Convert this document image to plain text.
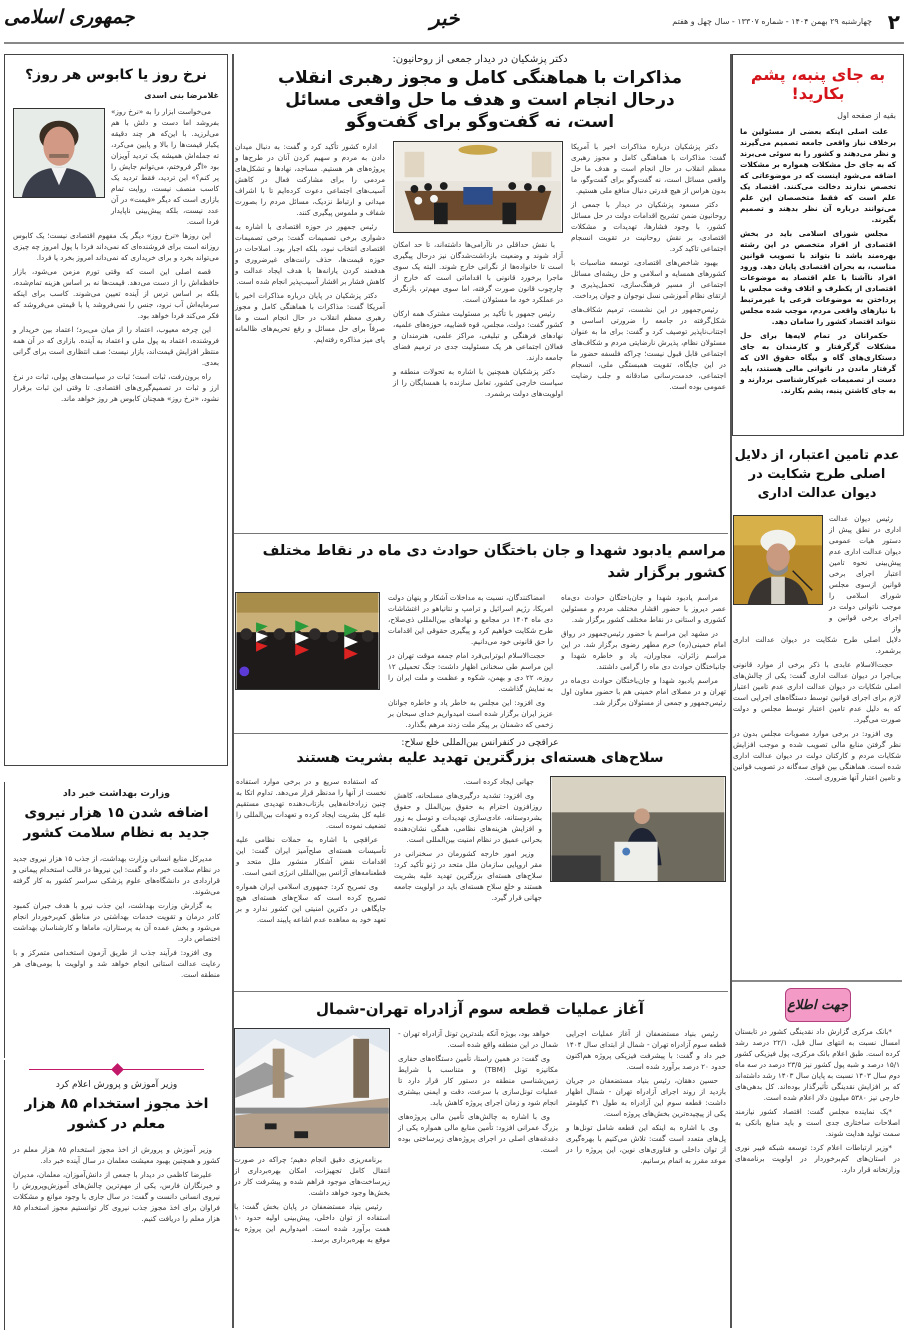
۲
چهارشنبه ۲۹ بهمن ۱۴۰۴ - شماره ۱۳۳۰۷ - سال چهل و هفتم
خبر
جمهوری اسلامی
به جای پنبه، پشم بکارید!
بقیه از صفحه اول

علت اصلی اینکه بعضی از مسئولین ما برخلاف نیاز واقعی جامعه تصمیم می‌گیرند و نظر می‌دهند و کشور را به سوئی می‌برند که به جای حل مشکلات همواره بر مشکلات اضافه می‌شود اینست که در موضوعاتی که تخصص ندارند دخالت می‌کنند. اقتصاد یک علم است که فقط متخصصان این علم می‌توانند درباره آن نظر بدهند و تصمیم بگیرند.

مجلس شورای اسلامی باید در بخش اقتصادی از افراد متخصص در این رشته بهره‌مند باشد تا بتواند با تصویب قوانین مناسب، به بحران اقتصادی پایان دهد. ورود افراد ناآشنا با علم اقتصاد به موضوعات اقتصادی از یکطرف و اتلاف وقت مجلس با پرداختن به موضوعات فرعی یا غیرمرتبط با نیازهای واقعی مردم، موجب شده مجلس نتواند اقتصاد کشور را سامان دهد.

حکمرانان در تمام لایه‌ها برای حل مشکلات گرگرفتار و کارمندان به جای دستکاری‌های گاه و بیگاه حقوق الان که گرفتار ماندن در ناتوانی مالی هستند، باید دست از تصمیمات غیرکارشناسی بردارند و به جای کاشتن پنبه، پشم بکارند.

عدم تامین اعتبار، از دلایل اصلی طرح شکایت در دیوان عدالت اداری
رئیس دیوان عدالت اداری در نطق پیش از دستور هیات عمومی دیوان عدالت اداری عدم پیش‌بینی نحوه تامین اعتبار اجرای برخی قوانین ازسوی مجلس شورای اسلامی را موجب ناتوانی دولت در اجرای برخی قوانین و واز

دلایل اصلی طرح شکایت در دیوان عدالت اداری برشمرد.

حجت‌الاسلام عابدی با ذکر برخی از موارد قانونی بی‌اجرا در دیوان عدالت اداری گفت: یکی از چالش‌های اصلی شکایات در دیوان عدالت اداری عدم تامین اعتبار لازم برای اجرای قوانین توسط دستگاه‌های اجرایی است که به دلیل عدم تامین اعتبار توسط مجلس و دولت صورت می‌گیرد.

وی افزود: در برخی موارد مصوبات مجلس بدون در نظر گرفتن منابع مالی تصویب شده و موجب افزایش شکایات مردم و کارکنان دولت در دیوان عدالت اداری شده است. هماهنگی بین قوای سه‌گانه در تصویب قوانین و تامین اعتبار آنها ضروری است.

جهت اطلاع

*بانک مرکزی گزارش داد نقدینگی کشور در تابستان امسال نسبت به انتهای سال قبل، ۲۲/۱ درصد رشد کرده است. طبق اعلام بانک مرکزی، پول فیزیکی کشور ۱۵/۱ درصد و شبه پول کشور نیز ۲۳/۵ درصد در سه ماه دوم سال ۱۴۰۳ نسبت به پایان سال ۱۴۰۳ رشد داشته‌اند که بر افزایش نقدینگی تأثیرگذار بوده‌اند. کل بدهی‌های خارجی نیز ۵۳۸۰ میلیون دلار اعلام شده است.

*یک نماینده مجلس گفت: اقتصاد کشور نیازمند اصلاحات ساختاری جدی است و باید منابع بانکی به سمت تولید هدایت شوند.

*وزیر ارتباطات اعلام کرد: توسعه شبکه فیبر نوری در استان‌های کم‌برخوردار در اولویت برنامه‌های وزارتخانه قرار دارد.

دکتر پزشکیان در دیدار جمعی از روحانیون:
مذاکرات با هماهنگی کامل و مجوز رهبری انقلاب درحال انجام است و هدف ما حل واقعی مسائل است، نه گفت‌وگو برای گفت‌وگو

دکتر پزشکیان درباره مذاکرات اخیر با آمریکا گفت: مذاکرات با هماهنگی کامل و مجوز رهبری معظم انقلاب در حال انجام است و هدف ما حل واقعی مسائل است، نه گفت‌وگو برای گفت‌وگو، ما بدون هراس از هیچ قدرتی دنبال منافع ملی هستیم.

دکتر مسعود پزشکیان در دیدار با جمعی از روحانیون ضمن تشریح اقدامات دولت در حل مسائل کشور، با وجود فشارها، تهدیدات و مشکلات اقتصادی، بر نقش روحانیت در تقویت انسجام اجتماعی تاکید کرد.

بهبود شاخص‌های اقتصادی، توسعه مناسبات با کشورهای همسایه و اسلامی و حل ریشه‌ای مسائل اجتماعی از مسیر فرهنگ‌سازی، تحمل‌پذیری و ارتقای نظام آموزشی نسل نوجوان و جوان پرداخت.

رئیس‌جمهور در این نشست، ترمیم شکاف‌های شکل‌گرفته در جامعه را ضرورتی اساسی و اجتناب‌ناپذیر توصیف کرد و گفت: برای ما به عنوان مسئولان نظام، پذیرش نارضایتی مردم و شکاف‌های اجتماعی قابل قبول نیست؛ چراکه فلسفه حضور ما در این جایگاه، تقویت همبستگی ملی، انسجام اجتماعی، خدمت‌رسانی صادقانه و جلب رضایت عمومی بوده است.

با نقش حداقلی در ناآرامی‌ها داشته‌اند، تا حد امکان آزاد شوند و وضعیت بازداشت‌شدگان نیز درحال پیگیری است تا خانواده‌ها از نگرانی خارج شوند. البته یک سوی ماجرا برخورد قانونی با اقداماتی است که خارج از چارچوب قانون صورت گرفته، اما سوی مهم‌تر، بازنگری در عملکرد خود ما مسئولان است.

رئیس جمهور با تأکید بر مسئولیت مشترک همه ارکان کشور گفت: دولت، مجلس، قوه قضاییه، حوزه‌های علمیه، نهادهای فرهنگی و تبلیغی، مراکز علمی، هنرمندان و فعالان اجتماعی هر یک مسئولیت جدی در ترمیم فضای جامعه دارند.

دکتر پزشکیان همچنین با اشاره به تحولات منطقه و سیاست خارجی کشور، تعامل سازنده با همسایگان را از اولویت‌های دولت برشمرد.

اداره کشور تأکید کرد و گفت: به دنبال میدان دادن به مردم و سهیم کردن آنان در طرح‌ها و پروژه‌های هر هستیم. مساجد، نهادها و تشکل‌های مردمی را برای مشارکت فعال در کاهش آسیب‌های اجتماعی دعوت کرده‌ایم تا با اشراف میدانی و ارتباط نزدیک، مسائل مردم را بصورت شفاف و ملموس پیگیری کنند.

رئیس جمهور در حوزه اقتصادی با اشاره به دشواری برخی تصمیمات گفت: برخی تصمیمات اقتصادی انتخاب نبود، بلکه اجبار بود. اصلاحات در حوزه قیمت‌ها، حذف رانت‌های غیرضروری و هدفمند کردن یارانه‌ها با هدف ایجاد عدالت و کاهش فشار بر اقشار آسیب‌پذیر انجام شده است.

دکتر پزشکیان در پایان درباره مذاکرات اخیر با آمریکا گفت: مذاکرات با هماهنگی کامل و مجوز رهبری معظم انقلاب در حال انجام است و ما صرفاً برای حل مسائل و رفع تحریم‌های ظالمانه پای میز مذاکره رفته‌ایم.

مراسم یادبود شهدا و جان باختگان حوادث دی ماه در نقاط مختلف کشور برگزار شد

مراسم یادبود شهدا و جان‌باختگان حوادث دی‌ماه عصر دیروز با حضور اقشار مختلف مردم و مسئولین کشوری و استانی در نقاط مختلف کشور برگزار شد.

در مشهد این مراسم با حضور رئیس‌جمهور در رواق امام خمینی(ره) حرم مطهر رضوی برگزار شد. در این مراسم زائران، مجاوران، یاد و خاطره شهدا و جانباختگان حوادث دی ماه را گرامی داشتند.

مراسم یادبود شهدا و جان‌باختگان حوادث دی‌ماه در تهران و در مصلای امام خمینی هم با حضور معاون اول رئیس‌جمهور و جمعی از مسئولان برگزار شد.

امضاکنندگان، نسبت به مداخلات آشکار و پنهان دولت امریکا، رژیم اسرائیل و ترامپ و نتانیاهو در اغتشاشات دی ماه ۱۴۰۴ در مجامع و نهادهای بین‌المللی ذی‌صلاح، طرح شکایت خواهیم کرد و پیگیری حقوقی این اقدامات را حق قانونی خود می‌دانیم.

حجت‌الاسلام ابوترابی‌فرد امام جمعه موقت تهران در این مراسم طی سخنانی اظهار داشت: جنگ تحمیلی ۱۲ روزه، ۲۲ دی و بهمن، شکوه و عظمت و ملت ایران را به نمایش گذاشت.

وی افزود: این مجلس به خاطر یاد و خاطره جوانان عزیز ایران برگزار شده است امیدواریم خدای سبحان بر زخمی که دشمنان بر پیکر ملت زدند مرهم بگذارد.

عراقچی در کنفرانس بین‌المللی خلع سلاح:
سلاح‌های هسته‌ای بزرگترین تهدید علیه بشریت هستند

جهانی ایجاد کرده است.

وی افزود: تشدید درگیری‌های مسلحانه، کاهش روزافزون احترام به حقوق بین‌الملل و حقوق بشردوستانه، عادی‌سازی تهدیدات و توسل به زور و افزایش هزینه‌های نظامی، همگی نشان‌دهنده بحرانی عمیق در نظام امنیت بین‌المللی است.

وزیر امور خارجه کشورمان در سخنرانی در مقر اروپایی سازمان ملل متحد در ژنو تأکید کرد: سلاح‌های هسته‌ای بزرگترین تهدید علیه بشریت هستند و خلع سلاح هسته‌ای باید در اولویت جامعه جهانی قرار گیرد.

که استفاده سریع و در برخی موارد استفاده نخست از آنها را مدنظر قرار می‌دهد. تداوم اتکا به چنین زرادخانه‌هایی بازتاب‌دهنده تهدیدی مستقیم علیه کل بشریت ایجاد کرده و تعهدات بین‌المللی را تضعیف نموده است.

عراقچی با اشاره به حملات نظامی علیه تأسیسات هسته‌ای صلح‌آمیز ایران گفت: این اقدامات نقض آشکار منشور ملل متحد و قطعنامه‌های آژانس بین‌المللی انرژی اتمی است.

وی تصریح کرد: جمهوری اسلامی ایران همواره تصریح کرده است که سلاح‌های هسته‌ای هیچ جایگاهی در دکترین امنیتی این کشور ندارد و بر تعهد خود به معاهده عدم اشاعه پایبند است.

آغاز عملیات قطعه سوم آزادراه تهران-شمال

رئیس بنیاد مستضعفان از آغاز عملیات اجرایی قطعه سوم آزادراه تهران - شمال از ابتدای سال ۱۴۰۴ خبر داد و گفت: با پیشرفت فیزیکی پروژه هم‌اکنون حدود ۲۰ درصد برآورد شده است.

حسین دهقان، رئیس بنیاد مستضعفان در جریان بازدید از روند اجرای آزادراه تهران - شمال اظهار داشت: قطعه سوم این آزادراه به طول ۳۱ کیلومتر یکی از پیچیده‌ترین بخش‌های پروژه است.

وی با اشاره به اینکه این قطعه شامل تونل‌ها و پل‌های متعدد است گفت: تلاش می‌کنیم با بهره‌گیری از توان داخلی و فناوری‌های نوین، این پروژه را در موعد مقرر به اتمام برسانیم.

خواهد بود، بویژه آنکه بلندترین تونل آزادراه تهران - شمال در این منطقه واقع شده است.

وی گفت: در همین راستا، تأمین دستگاه‌های حفاری مکانیزه تونل (TBM) و متناسب با شرایط زمین‌شناسی منطقه در دستور کار قرار دارد تا عملیات تونل‌سازی با سرعت، دقت و ایمنی بیشتری انجام شود و زمان اجرای پروژه کاهش یابد.

وی با اشاره به چالش‌های تأمین مالی پروژه‌های بزرگ عمرانی افزود: تأمین منابع مالی همواره یکی از دغدغه‌های اصلی در اجرای پروژه‌های زیرساختی بوده است.

برنامه‌ریزی دقیق انجام دهیم؛ چراکه در صورت انتقال کامل تجهیزات، امکان بهره‌برداری از زیرساخت‌های موجود فراهم شده و پیشرفت کار در بخش‌ها وجود خواهد داشت.

رئیس بنیاد مستضعفان در پایان بخش گفت: با استفاده از توان داخلی، پیش‌بینی اولیه حدود ۱۰ همت برآورد شده است. امیدواریم این پروژه به موقع به بهره‌برداری برسد.

نرخ روز یا کابوس هر روز؟
غلامرضا بنی اسدی

می‌خواست ابزار را به «نرخ روز» بفروشد اما دست و دلش با هم می‌لرزید. با این‌که هر چند دقیقه یکبار قیمت‌ها را بالا و پایین می‌کرد، ته جمله‌اش همیشه یک تردید آویزان بود «اگر فروختم، می‌توانم جایش را پر کنم؟» این تردید، فقط تردید یک کاسب منصف نیست، روایت تمام بازاری است که دیگر «قیمت» در آن عدد نیست، بلکه پیش‌بینی ناپایدار فردا است.

این روزها «نرخ روز» دیگر یک مفهوم اقتصادی نیست؛ یک کابوس روزانه است برای فروشنده‌ای که نمی‌داند فردا با پول امروز چه چیزی می‌تواند بخرد و برای خریداری که نمی‌داند امروز بخرد یا فردا.

قصه اصلی این است که وقتی تورم مزمن می‌شود، بازار حافظه‌اش را از دست می‌دهد. قیمت‌ها نه بر اساس هزینه تمام‌شده، بلکه بر اساس ترس از آینده تعیین می‌شوند. کاسب برای اینکه سرمایه‌اش آب نرود، جنس را نمی‌فروشد یا با قیمتی می‌فروشد که فکر می‌کند فردا خواهد بود.

این چرخه معیوب، اعتماد را از میان می‌برد؛ اعتماد بین خریدار و فروشنده، اعتماد به پول ملی و اعتماد به آینده. بازاری که در آن همه منتظر افزایش قیمت‌اند، بازار نیست؛ صف انتظاری است برای گرانی بعدی.

راه برون‌رفت، ثبات است؛ ثبات در سیاست‌های پولی، ثبات در نرخ ارز و ثبات در تصمیم‌گیری‌های اقتصادی. تا وقتی این ثبات برقرار نشود، «نرخ روز» همچنان کابوس هر روز خواهد ماند.

وزارت بهداشت خبر داد
اضافه شدن ۱۵ هزار نیروی جدید به نظام سلامت کشور

مدیرکل منابع انسانی وزارت بهداشت، از جذب ۱۵ هزار نیروی جدید در نظام سلامت خبر داد و گفت: این نیروها در قالب استخدام پیمانی و قراردادی در دانشگاه‌های علوم پزشکی سراسر کشور به کار گرفته می‌شوند.

به گزارش وزارت بهداشت، این جذب نیرو با هدف جبران کمبود کادر درمان و تقویت خدمات بهداشتی در مناطق کم‌برخوردار انجام می‌شود و بخش عمده آن به پرستاران، ماماها و کارشناسان بهداشت اختصاص دارد.

وی افزود: فرآیند جذب از طریق آزمون استخدامی متمرکز و با رعایت عدالت استانی انجام خواهد شد و اولویت با بومی‌های هر منطقه است.

وزیر آموزش و پرورش اعلام کرد
اخذ مجوز استخدام ۸۵ هزار معلم در کشور

وزیر آموزش و پرورش از اخذ مجوز استخدام ۸۵ هزار معلم در کشور و همچنین بهبود معیشت معلمان در سال آینده خبر داد.

علیرضا کاظمی در دیدار با جمعی از دانش‌آموزان، معلمان، مدیران و خبرنگاران فارس، یکی از مهم‌ترین چالش‌های آموزش‌وپرورش را نیروی انسانی دانست و گفت: در سال جاری با وجود موانع و مشکلات فراوان برای اخذ مجوز جذب نیروی کار توانستیم مجوز استخدام ۸۵ هزار معلم را دریافت کنیم.
